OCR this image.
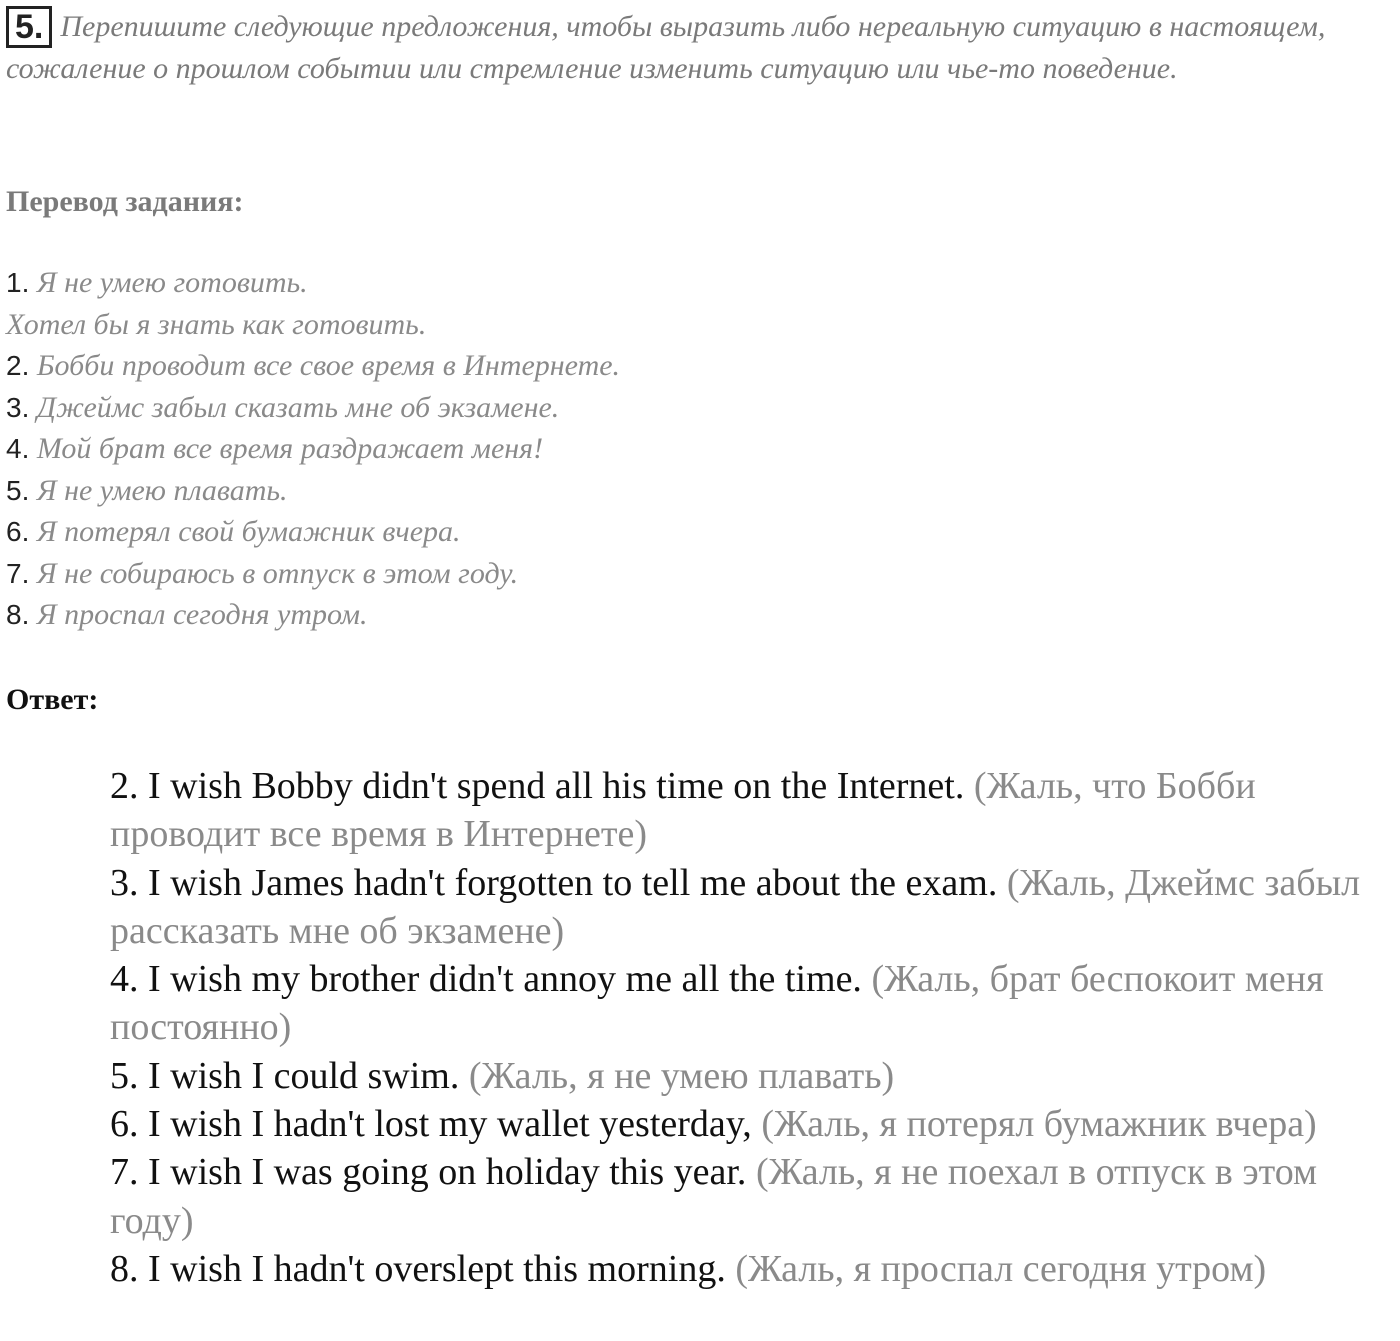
5. Перепишите следующие предложения, чтобы выразить либо нереальную ситуацию в настоящем, сожаление о прошлом событии или стремление изменить ситуацию или чье-то поведение.
Перевод задания:
1. Я не умею готовить.
Хотел бы я знать как готовить.
2. Бобби проводит все свое время в Интернете.
3. Джеймс забыл сказать мне об экзамене.
4. Мой брат все время раздражает меня!
5. Я не умею плавать.
6. Я потерял свой бумажник вчера.
7. Я не собираюсь в отпуск в этом году.
8. Я проспал сегодня утром.
Ответ:

2. I wish Bobby didn't spend all his time on the Internet. (Жаль, что Бобби проводит все время в Интернете)

3. I wish James hadn't forgotten to tell me about the exam. (Жаль, Джеймс забыл рассказать мне об экзамене)

4. I wish my brother didn't annoy me all the time. (Жаль, брат беспокоит меня постоянно)

5. I wish I could swim. (Жаль, я не умею плавать)

6. I wish I hadn't lost my wallet yesterday, (Жаль, я потерял бумажник вчера)

7. I wish I was going on holiday this year. (Жаль, я не поехал в отпуск в этом году)

8. I wish I hadn't overslept this morning. (Жаль, я проспал сегодня утром)
